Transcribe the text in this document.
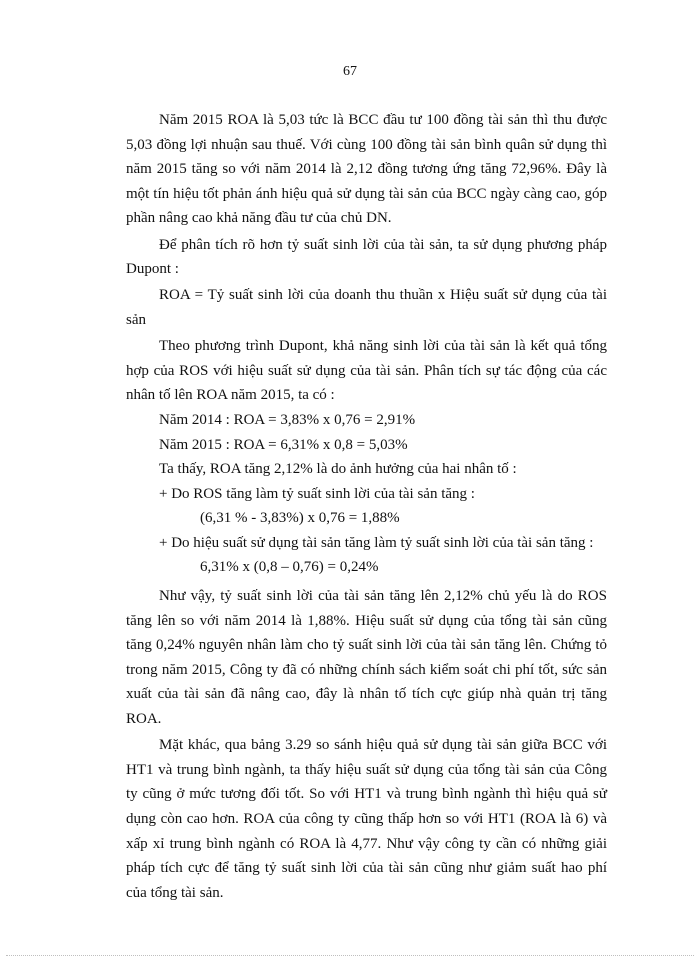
67

Năm 2015 ROA là 5,03 tức là BCC đầu tư 100 đồng tài sản thì thu được 5,03 đồng lợi nhuận sau thuế. Với cùng 100 đồng tài sản bình quân sử dụng thì năm 2015 tăng so với năm 2014 là 2,12 đồng tương ứng tăng 72,96%. Đây là một tín hiệu tốt phản ánh hiệu quả sử dụng tài sản của BCC ngày càng cao, góp phần nâng cao khả năng đầu tư của chủ DN.

Để phân tích rõ hơn tỷ suất sinh lời của tài sản, ta sử dụng phương pháp Dupont :

ROA = Tỷ suất sinh lời của doanh thu thuần x Hiệu suất sử dụng của tài sản

Theo phương trình Dupont, khả năng sinh lời của tài sản là kết quả tổng hợp của ROS với hiệu suất sử dụng của tài sản. Phân tích sự tác động của các nhân tố lên ROA năm 2015, ta có :

Năm 2014 : ROA = 3,83% x 0,76 = 2,91%

Năm 2015 : ROA = 6,31% x 0,8 = 5,03%

Ta thấy, ROA tăng 2,12% là do ảnh hưởng của hai nhân tố :

+ Do ROS tăng làm tỷ suất sinh lời của tài sản tăng :

(6,31 % - 3,83%) x 0,76 = 1,88%

+ Do hiệu suất sử dụng tài sản tăng làm tỷ suất sinh lời của tài sản tăng :

6,31% x (0,8 – 0,76) = 0,24%

Như vậy, tỷ suất sinh lời của tài sản tăng lên 2,12% chủ yếu là do ROS tăng lên so với năm 2014 là 1,88%. Hiệu suất sử dụng của tổng tài sản cũng tăng 0,24% nguyên nhân làm cho tỷ suất sinh lời của tài sản tăng lên. Chứng tỏ trong năm 2015, Công ty đã có những chính sách kiểm soát chi phí tốt, sức sản xuất của tài sản đã nâng cao, đây là nhân tố tích cực giúp nhà quản trị tăng ROA.

Mặt khác, qua bảng 3.29 so sánh hiệu quả sử dụng tài sản giữa BCC với HT1 và trung bình ngành, ta thấy hiệu suất sử dụng của tổng tài sản của Công ty cũng ở mức tương đối tốt. So với HT1 và trung bình ngành thì hiệu quả sử dụng còn cao hơn. ROA của công ty cũng thấp hơn so với HT1 (ROA là 6) và xấp xỉ trung bình ngành có ROA là 4,77. Như vậy công ty cần có những giải pháp tích cực để tăng tỷ suất sinh lời của tài sản cũng như giảm suất hao phí của tổng tài sản.
